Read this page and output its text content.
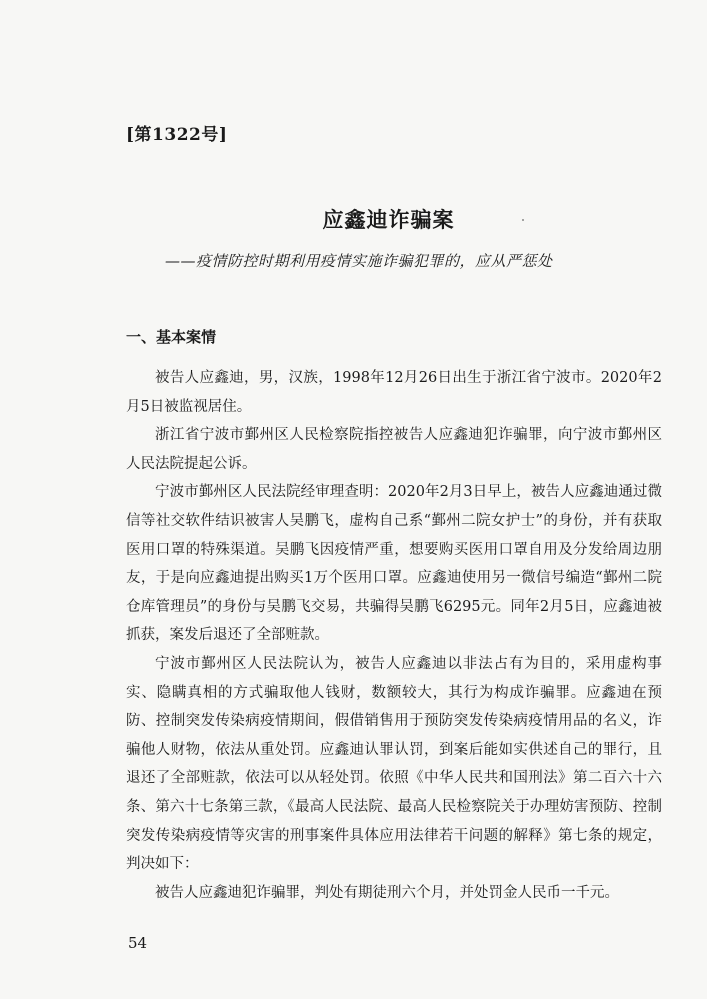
[第1322号]
应鑫迪诈骗案
——疫情防控时期利用疫情实施诈骗犯罪的，应从严惩处
一、基本案情

被告人应鑫迪，男，汉族，1998年12月26日出生于浙江省宁波市。2020年2月5日被监视居住。

浙江省宁波市鄞州区人民检察院指控被告人应鑫迪犯诈骗罪，向宁波市鄞州区人民法院提起公诉。

宁波市鄞州区人民法院经审理查明：2020年2月3日早上，被告人应鑫迪通过微信等社交软件结识被害人吴鹏飞，虚构自己系“鄞州二院女护士”的身份，并有获取医用口罩的特殊渠道。吴鹏飞因疫情严重，想要购买医用口罩自用及分发给周边朋友，于是向应鑫迪提出购买1万个医用口罩。应鑫迪使用另一微信号编造“鄞州二院仓库管理员”的身份与吴鹏飞交易，共骗得吴鹏飞6295元。同年2月5日，应鑫迪被抓获，案发后退还了全部赃款。

宁波市鄞州区人民法院认为，被告人应鑫迪以非法占有为目的，采用虚构事实、隐瞒真相的方式骗取他人钱财，数额较大，其行为构成诈骗罪。应鑫迪在预防、控制突发传染病疫情期间，假借销售用于预防突发传染病疫情用品的名义，诈骗他人财物，依法从重处罚。应鑫迪认罪认罚，到案后能如实供述自己的罪行，且退还了全部赃款，依法可以从轻处罚。依照《中华人民共和国刑法》第二百六十六条、第六十七条第三款，《最高人民法院、最高人民检察院关于办理妨害预防、控制突发传染病疫情等灾害的刑事案件具体应用法律若干问题的解释》第七条的规定，判决如下：

被告人应鑫迪犯诈骗罪，判处有期徒刑六个月，并处罚金人民币一千元。

54
